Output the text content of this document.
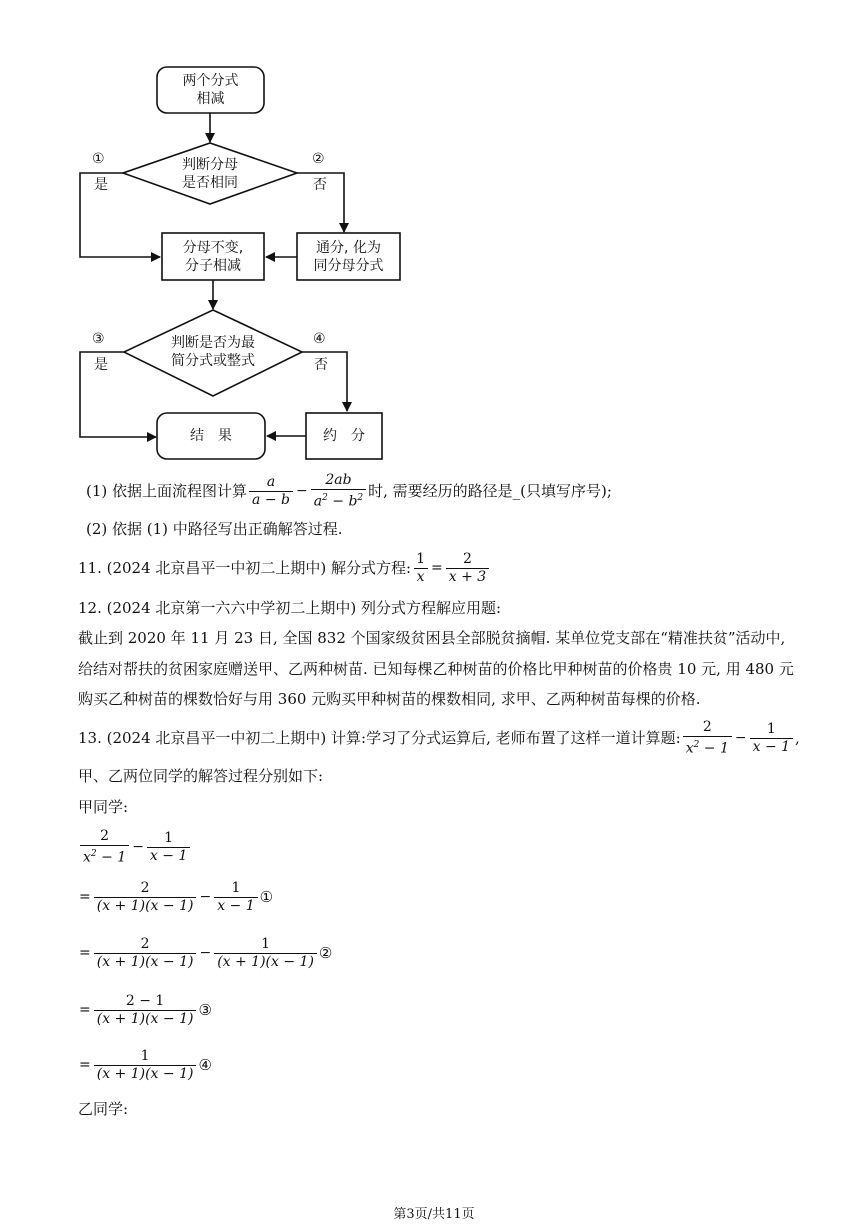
两个分式
相减
判断分母
是否相同
①
是
②
否
分母不变,
分子相减
通分, 化为
同分母分式
判断是否为最
简分式或整式
③
是
④
否
结　果	约　分
(1) 依据上面流程图计算 $\frac{a}{a - b} - \frac{2ab}{a^2 - b^2}$ 时, 需要经历的路径是_(只填写序号);
(2) 依据 (1) 中路径写出正确解答过程.
11. (2024 北京昌平一中初二上期中) 解分式方程: $\frac{1}{x} = \frac{2}{x + 3}$
12. (2024 北京第一六六中学初二上期中) 列分式方程解应用题:
截止到 2020 年 11 月 23 日, 全国 832 个国家级贫困县全部脱贫摘帽. 某单位党支部在“精准扶贫”活动中,
给结对帮扶的贫困家庭赠送甲、乙两种树苗. 已知每棵乙种树苗的价格比甲种树苗的价格贵 10 元, 用 480 元
购买乙种树苗的棵数恰好与用 360 元购买甲种树苗的棵数相同, 求甲、乙两种树苗每棵的价格.
13. (2024 北京昌平一中初二上期中) 计算:学习了分式运算后, 老师布置了这样一道计算题: $\frac{2}{x^2 - 1} - \frac{1}{x - 1}$ ,
甲、乙两位同学的解答过程分别如下:
甲同学:
$\frac{2}{x^2 - 1} - \frac{1}{x - 1}$
= $\frac{2}{(x + 1)(x - 1)} - \frac{1}{x - 1}$ ①
= $\frac{2}{(x + 1)(x - 1)} - \frac{1}{(x + 1)(x - 1)}$ ②
= $\frac{2 - 1}{(x + 1)(x - 1)}$ ③
= $\frac{1}{(x + 1)(x - 1)}$ ④
乙同学:
第3页/共11页
